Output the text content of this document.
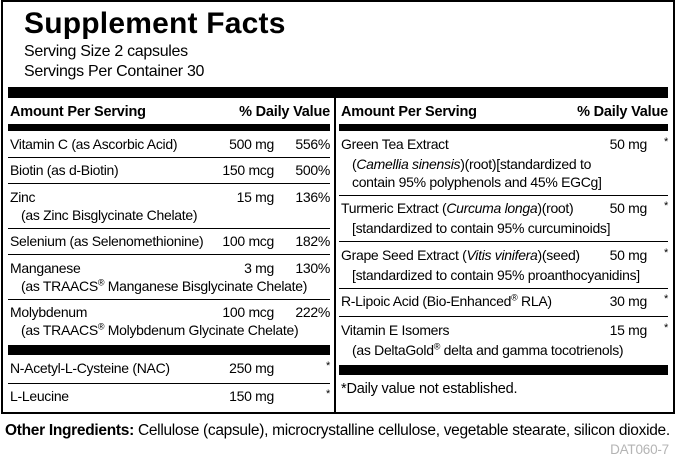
Supplement Facts
Serving Size 2 capsules
Servings Per Container 30
Amount Per Serving	% Daily Value
Vitamin C (as Ascorbic Acid)	500 mg	556%
Biotin (as d-Biotin)	150 mcg	500%
Zinc	15 mg	136%
(as Zinc Bisglycinate Chelate)
Selenium (as Selenomethionine)	100 mcg	182%
Manganese	3 mg	130%
(as TRAACS® Manganese Bisglycinate Chelate)
Molybdenum	100 mcg	222%
(as TRAACS® Molybdenum Glycinate Chelate)
N-Acetyl-L-Cysteine (NAC)	250 mg	*
L-Leucine	150 mg	*
Amount Per Serving	% Daily Value
Green Tea Extract	50 mg	*
(Camellia sinensis)(root)[standardized to
contain 95% polyphenols and 45% EGCg]
Turmeric Extract (Curcuma longa)(root)	50 mg	*
[standardized to contain 95% curcuminoids]
Grape Seed Extract (Vitis vinifera)(seed)	50 mg	*
[standardized to contain 95% proanthocyanidins]
R-Lipoic Acid (Bio-Enhanced® RLA)	30 mg	*
Vitamin E Isomers	15 mg	*
(as DeltaGold® delta and gamma tocotrienols)
*Daily value not established.
Other Ingredients: Cellulose (capsule), microcrystalline cellulose, vegetable stearate, silicon dioxide.
DAT060-7
